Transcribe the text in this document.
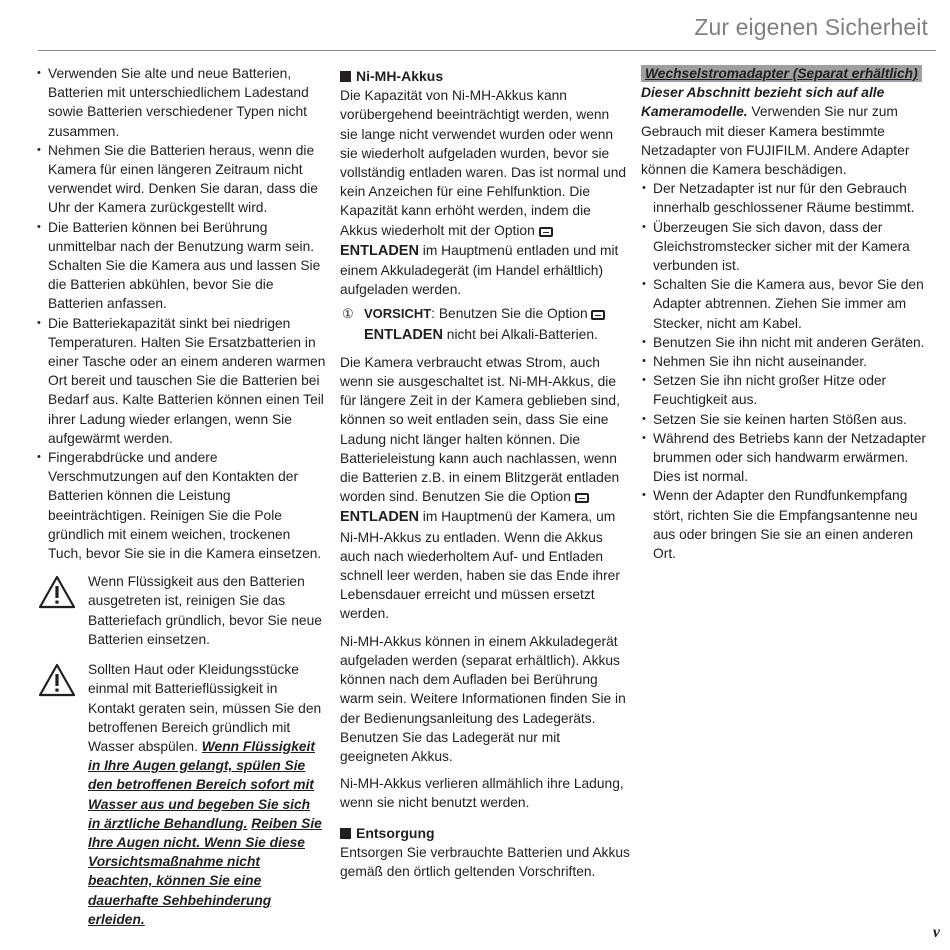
Zur eigenen Sicherheit
• Verwenden Sie alte und neue Batterien, Batterien mit unterschiedlichem Ladestand sowie Batterien verschiedener Typen nicht zusammen.
• Nehmen Sie die Batterien heraus, wenn die Kamera für einen längeren Zeitraum nicht verwendet wird. Denken Sie daran, dass die Uhr der Kamera zurückgestellt wird.
• Die Batterien können bei Berührung unmittelbar nach der Benutzung warm sein. Schalten Sie die Kamera aus und lassen Sie die Batterien abkühlen, bevor Sie die Batterien anfassen.
• Die Batteriekapazität sinkt bei niedrigen Temperaturen. Halten Sie Ersatzbatterien in einer Tasche oder an einem anderen warmen Ort bereit und tauschen Sie die Batterien bei Bedarf aus. Kalte Batterien können einen Teil ihrer Ladung wieder erlangen, wenn Sie aufgewärmt werden.
• Fingerabdrücke und andere Verschmutzungen auf den Kontakten der Batterien können die Leistung beeinträchtigen. Reinigen Sie die Pole gründlich mit einem weichen, trockenen Tuch, bevor Sie sie in die Kamera einsetzen.

Wenn Flüssigkeit aus den Batterien ausgetreten ist, reinigen Sie das Batteriefach gründlich, bevor Sie neue Batterien einsetzen.

Sollten Haut oder Kleidungsstücke einmal mit Batterieflüssigkeit in Kontakt geraten sein, müssen Sie den betroffenen Bereich gründlich mit Wasser abspülen. Wenn Flüssigkeit in Ihre Augen gelangt, spülen Sie den betroffenen Bereich sofort mit Wasser aus und begeben Sie sich in ärztliche Behandlung. Reiben Sie Ihre Augen nicht. Wenn Sie diese Vorsichtsmaßnahme nicht beachten, können Sie eine dauerhafte Sehbehinderung erleiden.

Ni-MH-Akkus

Die Kapazität von Ni-MH-Akkus kann vorübergehend beeinträchtigt werden, wenn sie lange nicht verwendet wurden oder wenn sie wiederholt aufgeladen wurden, bevor sie vollständig entladen waren. Das ist normal und kein Anzeichen für eine Fehlfunktion. Die Kapazität kann erhöht werden, indem die Akkus wiederholt mit der Option ENTLADEN im Hauptmenü entladen und mit einem Akkuladegerät (im Handel erhältlich) aufgeladen werden.

① VORSICHT: Benutzen Sie die Option ENTLADEN nicht bei Alkali-Batterien.

Die Kamera verbraucht etwas Strom, auch wenn sie ausgeschaltet ist. Ni-MH-Akkus, die für längere Zeit in der Kamera geblieben sind, können so weit entladen sein, dass Sie eine Ladung nicht länger halten können. Die Batterieleistung kann auch nachlassen, wenn die Batterien z.B. in einem Blitzgerät entladen worden sind. Benutzen Sie die Option ENTLADEN im Hauptmenü der Kamera, um Ni-MH-Akkus zu entladen. Wenn die Akkus auch nach wiederholtem Auf- und Entladen schnell leer werden, haben sie das Ende ihrer Lebensdauer erreicht und müssen ersetzt werden.

Ni-MH-Akkus können in einem Akkuladegerät aufgeladen werden (separat erhältlich). Akkus können nach dem Aufladen bei Berührung warm sein. Weitere Informationen finden Sie in der Bedienungsanleitung des Ladegeräts. Benutzen Sie das Ladegerät nur mit geeigneten Akkus.

Ni-MH-Akkus verlieren allmählich ihre Ladung, wenn sie nicht benutzt werden.

Entsorgung

Entsorgen Sie verbrauchte Batterien und Akkus gemäß den örtlich geltenden Vorschriften.

Wechselstromadapter (Separat erhältlich)

Dieser Abschnitt bezieht sich auf alle Kameramodelle. Verwenden Sie nur zum Gebrauch mit dieser Kamera bestimmte Netzadapter von FUJIFILM. Andere Adapter können die Kamera beschädigen.

• Der Netzadapter ist nur für den Gebrauch innerhalb geschlossener Räume bestimmt.
• Überzeugen Sie sich davon, dass der Gleichstromstecker sicher mit der Kamera verbunden ist.
• Schalten Sie die Kamera aus, bevor Sie den Adapter abtrennen. Ziehen Sie immer am Stecker, nicht am Kabel.
• Benutzen Sie ihn nicht mit anderen Geräten.
• Nehmen Sie ihn nicht auseinander.
• Setzen Sie ihn nicht großer Hitze oder Feuchtigkeit aus.
• Setzen Sie sie keinen harten Stößen aus.
• Während des Betriebs kann der Netzadapter brummen oder sich handwarm erwärmen. Dies ist normal.
• Wenn der Adapter den Rundfunkempfang stört, richten Sie die Empfangsantenne neu aus oder bringen Sie sie an einen anderen Ort.
v
